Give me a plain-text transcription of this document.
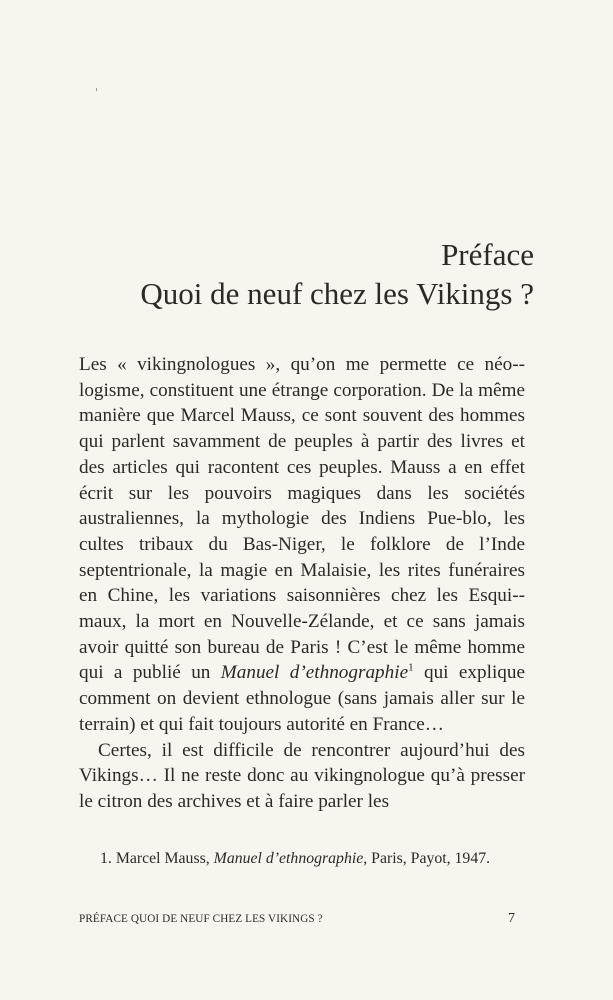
Préface
Quoi de neuf chez les Vikings ?

Les « vikingnologues », qu’on me permette ce néo-logisme, constituent une étrange corporation. De la même manière que Marcel Mauss, ce sont souvent des hommes qui parlent savamment de peuples à partir des livres et des articles qui racontent ces peuples. Mauss a en effet écrit sur les pouvoirs magiques dans les sociétés australiennes, la mythologie des Indiens Pue-blo, les cultes tribaux du Bas-Niger, le folklore de l’Inde septentrionale, la magie en Malaisie, les rites funéraires en Chine, les variations saisonnières chez les Esqui-maux, la mort en Nouvelle-Zélande, et ce sans jamais avoir quitté son bureau de Paris ! C’est le même homme qui a publié un Manuel d’ethnographie$^1$ qui explique comment on devient ethnologue (sans jamais aller sur le terrain) et qui fait toujours autorité en France…

Certes, il est difficile de rencontrer aujourd’hui des Vikings… Il ne reste donc au vikingnologue qu’à presser le citron des archives et à faire parler les

1. Marcel Mauss, Manuel d’ethnographie, Paris, Payot, 1947.
PRÉFACE QUOI DE NEUF CHEZ LES VIKINGS ?	7
